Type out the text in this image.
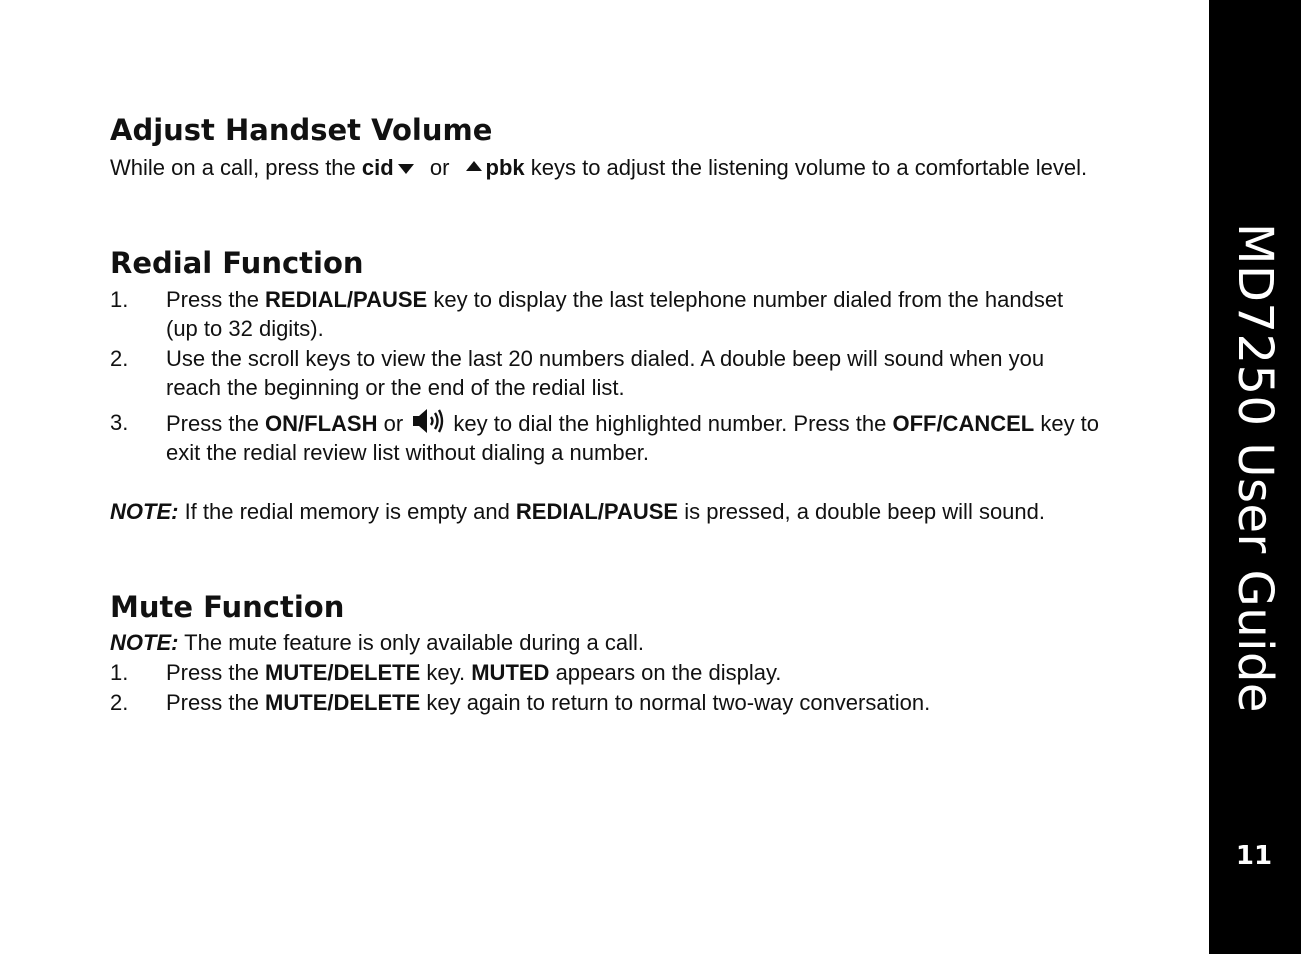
Adjust Handset Volume

While on a call, press the cid or pbk keys to adjust the listening volume to a comfortable level.

Redial Function
1.	Press the REDIAL/PAUSE key to display the last telephone number dialed from the handset (up to 32 digits).
2.	Use the scroll keys to view the last 20 numbers dialed. A double beep will sound when you reach the beginning or the end of the redial list.
3.	Press the ON/FLASH or  key to dial the highlighted number. Press the OFF/CANCEL key to exit the redial review list without dialing a number.

NOTE: If the redial memory is empty and REDIAL/PAUSE is pressed, a double beep will sound.

Mute Function

NOTE: The mute feature is only available during a call.

1.	Press the MUTE/DELETE key. MUTED appears on the display.
2.	Press the MUTE/DELETE key again to return to normal two-way conversation.	MD7250 User Guide
11
